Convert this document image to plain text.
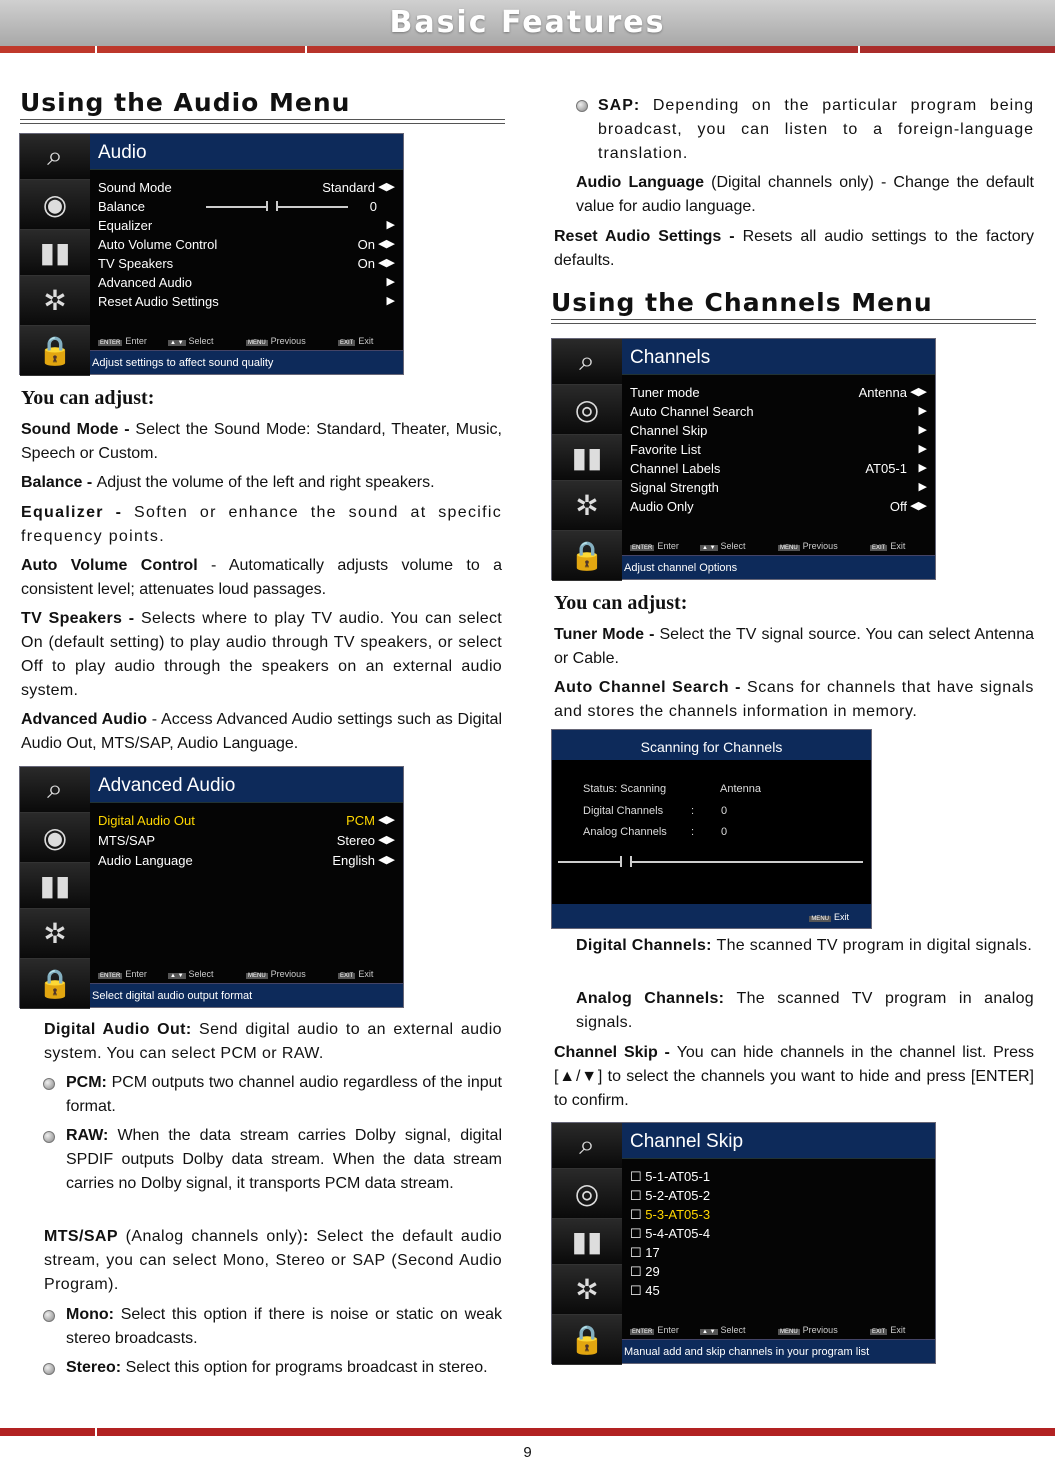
Basic Features
Using the Audio Menu
⌕
◉
▮▮
✲
🔒
Audio
Sound Mode	Standard ◀▶
Balance	0
Equalizer	▶
Auto Volume Control	On ◀▶
TV Speakers	On ◀▶
Advanced Audio	▶
Reset Audio Settings	▶
ENTER Enter	▲ ▼ Select	MENU Previous	EXIT Exit
Adjust settings to affect sound quality
You can adjust:
Sound Mode - Select the Sound Mode: Standard, Theater, Music, Speech or Custom.
Balance - Adjust the volume of the left and right speakers.
Equalizer - Soften or enhance the sound at specific frequency points.
Auto Volume Control - Automatically adjusts volume to a consistent level; attenuates loud passages.
TV Speakers - Selects where to play TV audio. You can select On (default setting) to play audio through TV speakers, or select Off to play audio through the speakers on an external audio system.
Advanced Audio - Access Advanced Audio settings such as Digital Audio Out, MTS/SAP, Audio Language.
⌕
◉
▮▮
✲
🔒
Advanced Audio
Digital Audio Out	PCM ◀▶
MTS/SAP	Stereo ◀▶
Audio Language	English ◀▶
ENTER Enter	▲ ▼ Select	MENU Previous	EXIT Exit
Select digital audio output format
Digital Audio Out: Send digital audio to an external audio system. You can select PCM or RAW.
PCM: PCM outputs two channel audio regardless of the input format.
RAW: When the data stream carries Dolby signal, digital SPDIF outputs Dolby data stream. When the data stream carries no Dolby signal, it transports PCM data stream.
MTS/SAP (Analog channels only): Select the default audio stream, you can select Mono, Stereo or SAP (Second Audio Program).
Mono: Select this option if there is noise or static on weak stereo broadcasts.
Stereo: Select this option for programs broadcast in stereo.
SAP: Depending on the particular program being broadcast, you can listen to a foreign-language translation.
Audio Language (Digital channels only) - Change the default value for audio language.
Reset Audio Settings - Resets all audio settings to the factory defaults.
Using the Channels Menu
⌕
◎
▮▮
✲
🔒
Channels
Tuner mode	Antenna ◀▶
Auto Channel Search	▶
Channel Skip	▶
Favorite List	▶
Channel Labels	AT05-1 ▶
Signal Strength	▶
Audio Only	Off ◀▶
ENTER Enter	▲ ▼ Select	MENU Previous	EXIT Exit
Adjust channel Options
You can adjust:
Tuner Mode - Select the TV signal source. You can select Antenna or Cable.
Auto Channel Search - Scans for channels that have signals and stores the channels information in memory.
Scanning for Channels
Status: Scanning	Antenna
Digital Channels	: 0
Analog Channels : 0
MENU Exit
Digital Channels: The scanned TV program in digital signals.
Analog Channels: The scanned TV program in analog signals.
Channel Skip - You can hide channels in the channel list. Press [▲/▼] to select the channels you want to hide and press [ENTER] to confirm.
⌕
◎
▮▮
✲
🔒
Channel Skip
☐ 5-1-AT05-1
☐ 5-2-AT05-2
☐ 5-3-AT05-3
☐ 5-4-AT05-4
☐ 17
☐ 29
☐ 45
ENTER Enter	▲ ▼ Select	MENU Previous	EXIT Exit
Manual add and skip channels in your program list
9
